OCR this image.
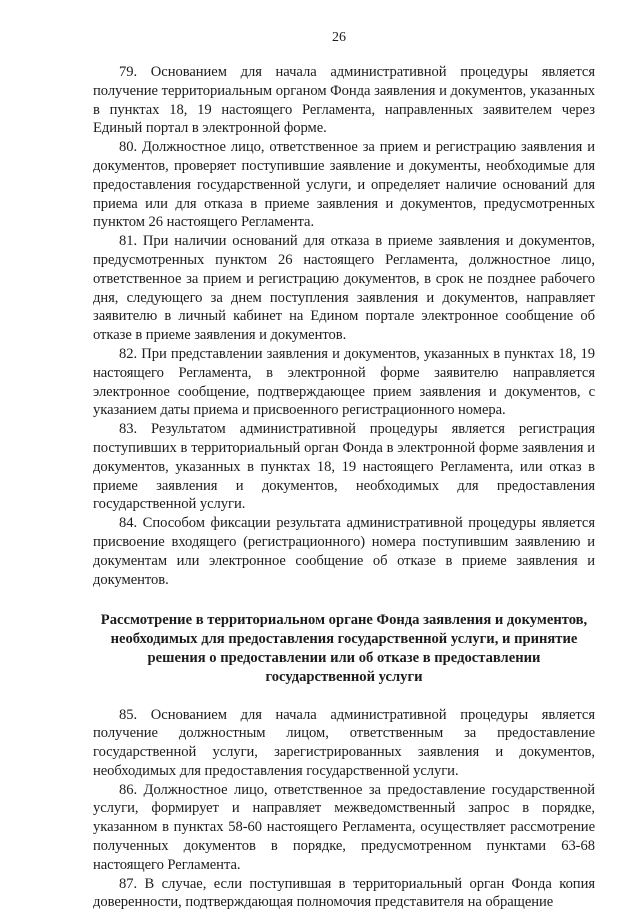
26

79. Основанием для начала административной процедуры является получение территориальным органом Фонда заявления и документов, указанных в пунктах 18, 19 настоящего Регламента, направленных заявителем через Единый портал в электронной форме.

80. Должностное лицо, ответственное за прием и регистрацию заявления и документов, проверяет поступившие заявление и документы, необходимые для предоставления государственной услуги, и определяет наличие оснований для приема или для отказа в приеме заявления и документов, предусмотренных пунктом 26 настоящего Регламента.

81. При наличии оснований для отказа в приеме заявления и документов, предусмотренных пунктом 26 настоящего Регламента, должностное лицо, ответственное за прием и регистрацию документов, в срок не позднее рабочего дня, следующего за днем поступления заявления и документов, направляет заявителю в личный кабинет на Едином портале электронное сообщение об отказе в приеме заявления и документов.

82. При представлении заявления и документов, указанных в пунктах 18, 19 настоящего Регламента, в электронной форме заявителю направляется электронное сообщение, подтверждающее прием заявления и документов, с указанием даты приема и присвоенного регистрационного номера.

83. Результатом административной процедуры является регистрация поступивших в территориальный орган Фонда в электронной форме заявления и документов, указанных в пунктах 18, 19 настоящего Регламента, или отказ в приеме заявления и документов, необходимых для предоставления государственной услуги.

84. Способом фиксации результата административной процедуры является присвоение входящего (регистрационного) номера поступившим заявлению и документам или электронное сообщение об отказе в приеме заявления и документов.

Рассмотрение в территориальном органе Фонда заявления и документов, необходимых для предоставления государственной услуги, и принятие решения о предоставлении или об отказе в предоставлении государственной услуги

85. Основанием для начала административной процедуры является получение должностным лицом, ответственным за предоставление государственной услуги, зарегистрированных заявления и документов, необходимых для предоставления государственной услуги.

86. Должностное лицо, ответственное за предоставление государственной услуги, формирует и направляет межведомственный запрос в порядке, указанном в пунктах 58-60 настоящего Регламента, осуществляет рассмотрение полученных документов в порядке, предусмотренном пунктами 63-68 настоящего Регламента.

87. В случае, если поступившая в территориальный орган Фонда копия доверенности, подтверждающая полномочия представителя на обращение
